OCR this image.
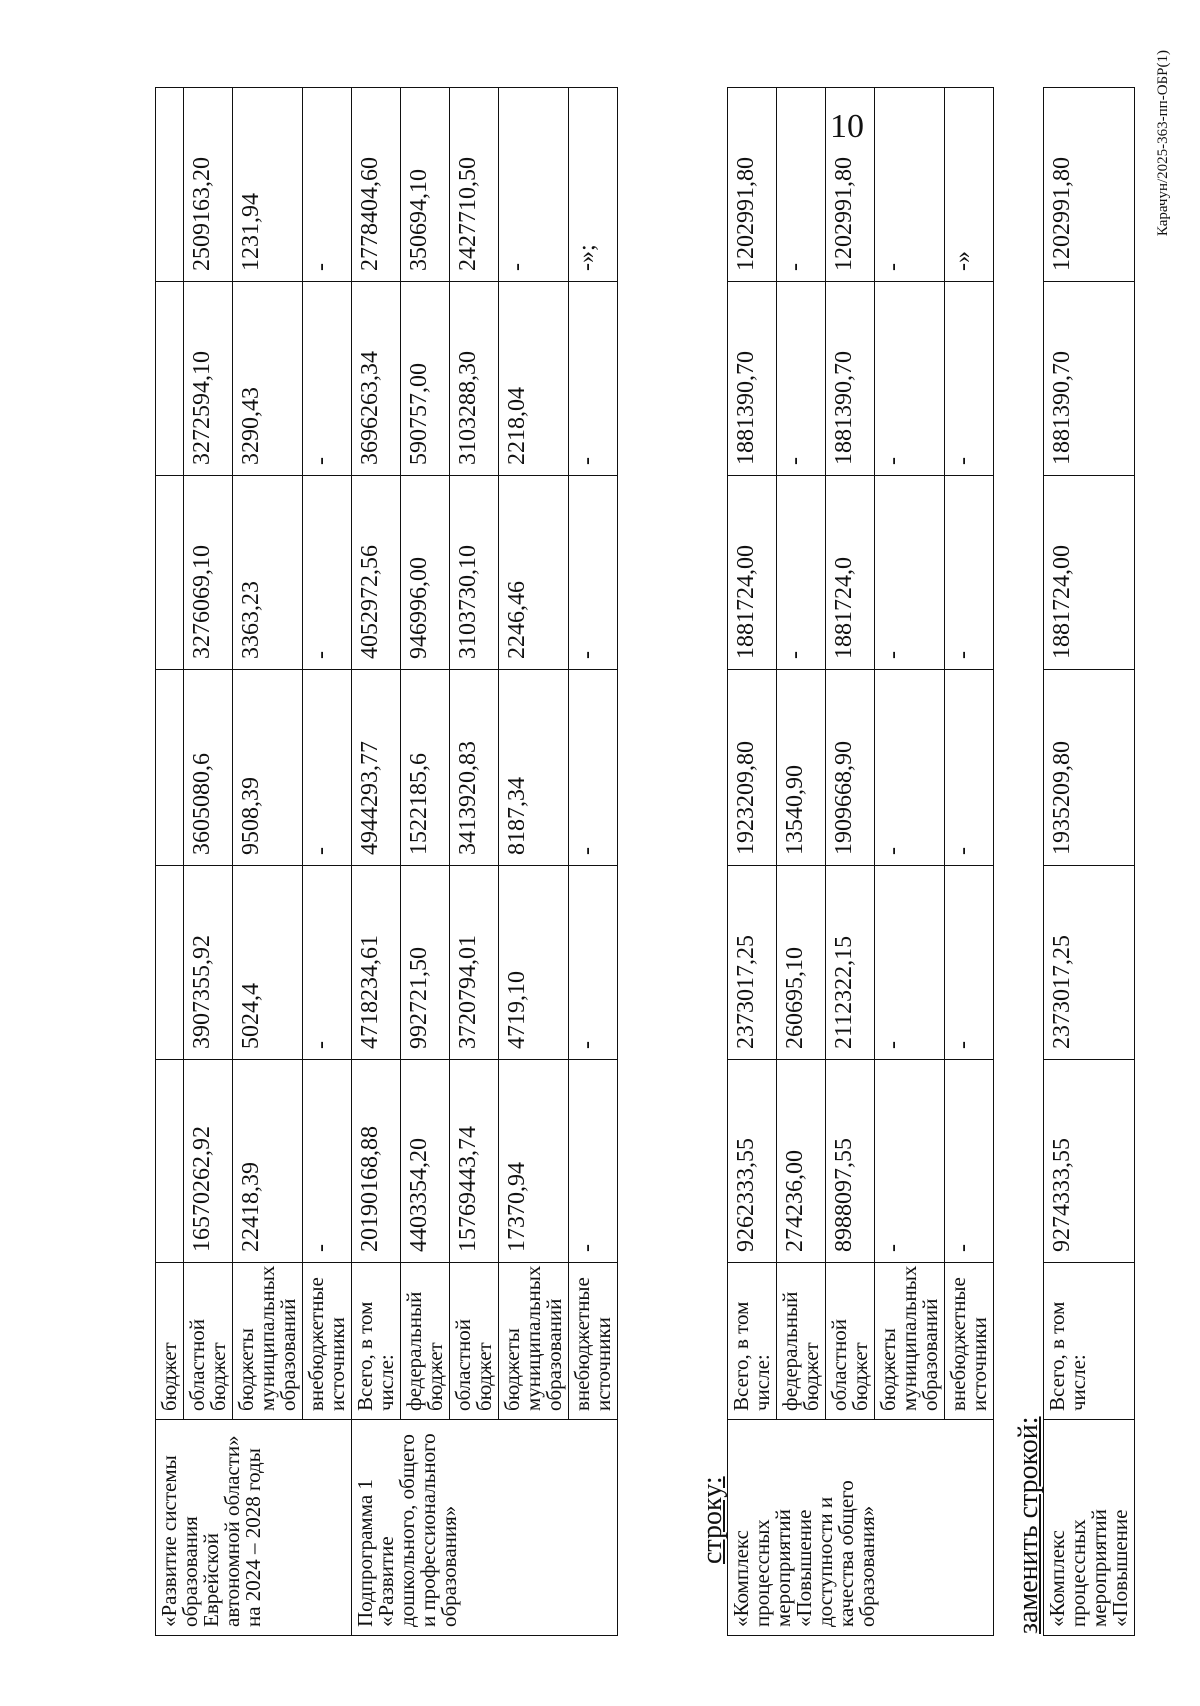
10
«Развитие системы образования Еврейской автономной области» на 2024 – 2028 годы	бюджет						
	областной бюджет	16570262,92	3907355,92	3605080,6	3276069,10	3272594,10	2509163,20
	бюджеты муниципальных образований	22418,39	5024,4	9508,39	3363,23	3290,43	1231,94
	внебюджетные источники	-	-	-	-	-	-
Подпрограмма 1 «Развитие дошкольного, общего и профессионального образования»	Всего, в том числе:	20190168,88	4718234,61	4944293,77	4052972,56	3696263,34	2778404,60
	федеральный бюджет	4403354,20	992721,50	1522185,6	946996,00	590757,00	350694,10
	областной бюджет	15769443,74	3720794,01	3413920,83	3103730,10	3103288,30	2427710,50
	бюджеты муниципальных образований	17370,94	4719,10	8187,34	2246,46	2218,04	-
	внебюджетные источники	-	-	-	-	-	-»;
строку:
«Комплекс процессных мероприятий «Повышение доступности и качества общего образования»	Всего, в том числе:	9262333,55	2373017,25	1923209,80	1881724,00	1881390,70	1202991,80
	федеральный бюджет	274236,00	260695,10	13540,90	-	-	-
	областной бюджет	8988097,55	2112322,15	1909668,90	1881724,0	1881390,70	1202991,80
	бюджеты муниципальных образований	-	-	-	-	-	-
	внебюджетные источники	-	-	-	-	-	-»
заменить строкой: «Комплекс процессных мероприятий «Повышение	Всего, в том числе:	9274333,55	2373017,25	1935209,80	1881724,00	1881390,70	1202991,80	Карачун/2025-363-пп-ОБР(1)
